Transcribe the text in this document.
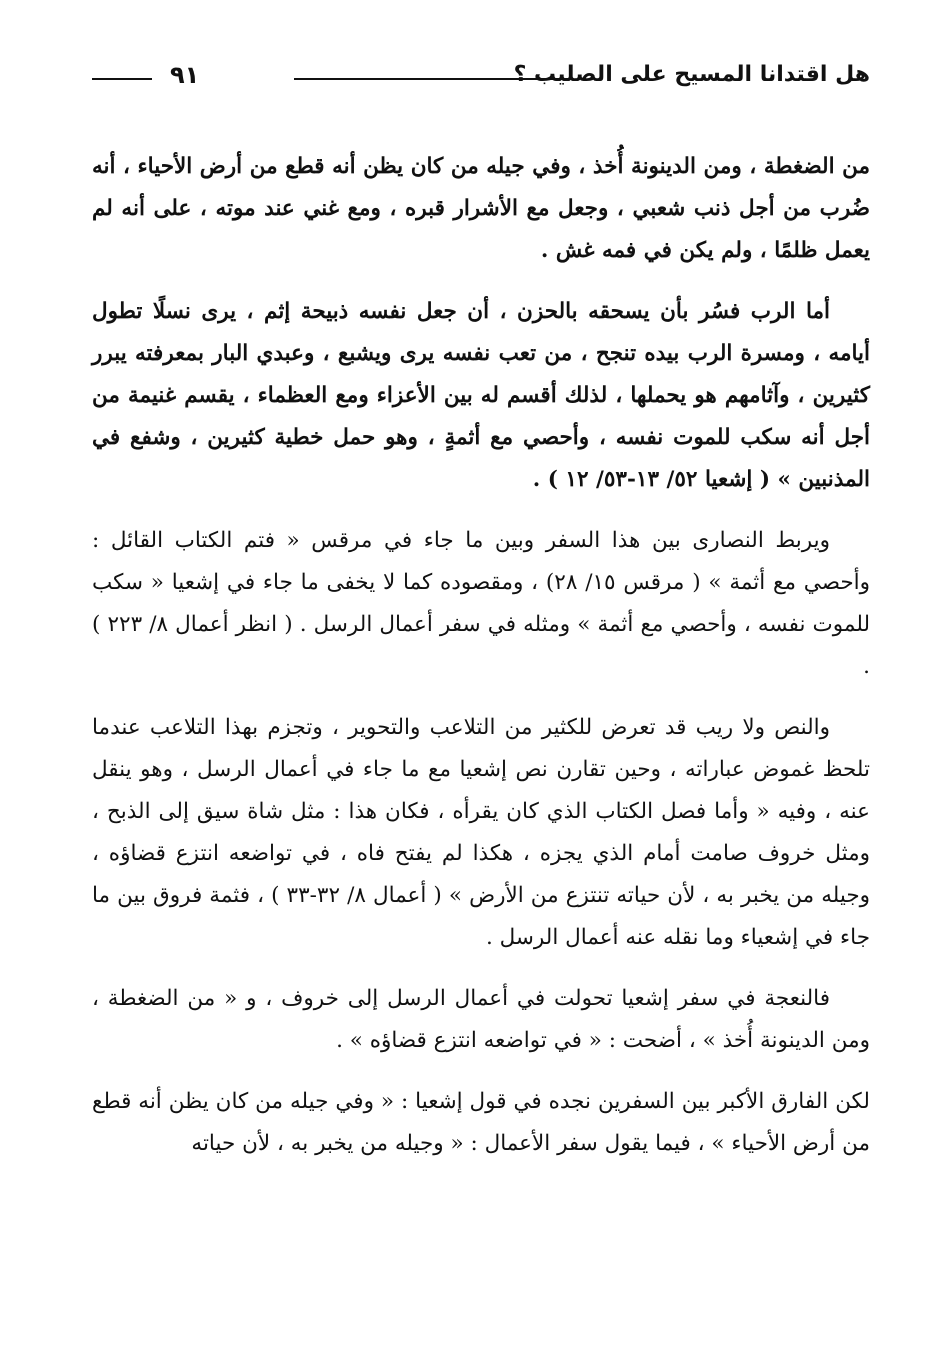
هل اقتدانا المسيح على الصليب ؟
٩١

من الضغطة ، ومن الدينونة أُخذ ، وفي جيله من كان يظن أنه قطع من أرض الأحياء ، أنه ضُرب من أجل ذنب شعبي ، وجعل مع الأشرار قبره ، ومع غني عند موته ، على أنه لم يعمل ظلمًا ، ولم يكن في فمه غش .

أما الرب فسُر بأن يسحقه بالحزن ، أن جعل نفسه ذبيحة إثم ، يرى نسلًا تطول أيامه ، ومسرة الرب بيده تنجح ، من تعب نفسه يرى ويشبع ، وعبدي البار بمعرفته يبرر كثيرين ، وآثامهم هو يحملها ، لذلك أقسم له بين الأعزاء ومع العظماء ، يقسم غنيمة من أجل أنه سكب للموت نفسه ، وأحصي مع أثمةٍ ، وهو حمل خطية كثيرين ، وشفع في المذنبين » ( إشعيا ٥٢/ ١٣-٥٣/ ١٢ ) .

ويربط النصارى بين هذا السفر وبين ما جاء في مرقس « فتم الكتاب القائل : وأحصي مع أثمة » ( مرقس ١٥/ ٢٨) ، ومقصوده كما لا يخفى ما جاء في إشعيا « سكب للموت نفسه ، وأحصي مع أثمة » ومثله في سفر أعمال الرسل . ( انظر أعمال ٨/ ٢٢٣ ) .

والنص ولا ريب قد تعرض للكثير من التلاعب والتحوير ، وتجزم بهذا التلاعب عندما تلحظ غموض عباراته ، وحين تقارن نص إشعيا مع ما جاء في أعمال الرسل ، وهو ينقل عنه ، وفيه « وأما فصل الكتاب الذي كان يقرأه ، فكان هذا : مثل شاة سيق إلى الذبح ، ومثل خروف صامت أمام الذي يجزه ، هكذا لم يفتح فاه ، في تواضعه انتزع قضاؤه ، وجيله من يخبر به ، لأن حياته تنتزع من الأرض » ( أعمال ٨/ ٣٢-٣٣ ) ، فثمة فروق بين ما جاء في إشعياء وما نقله عنه أعمال الرسل .

فالنعجة في سفر إشعيا تحولت في أعمال الرسل إلى خروف ، و « من الضغطة ، ومن الدينونة أُخذ » ، أضحت : « في تواضعه انتزع قضاؤه » .

لكن الفارق الأكبر بين السفرين نجده في قول إشعيا : « وفي جيله من كان يظن أنه قطع من أرض الأحياء » ، فيما يقول سفر الأعمال : « وجيله من يخبر به ، لأن حياته
